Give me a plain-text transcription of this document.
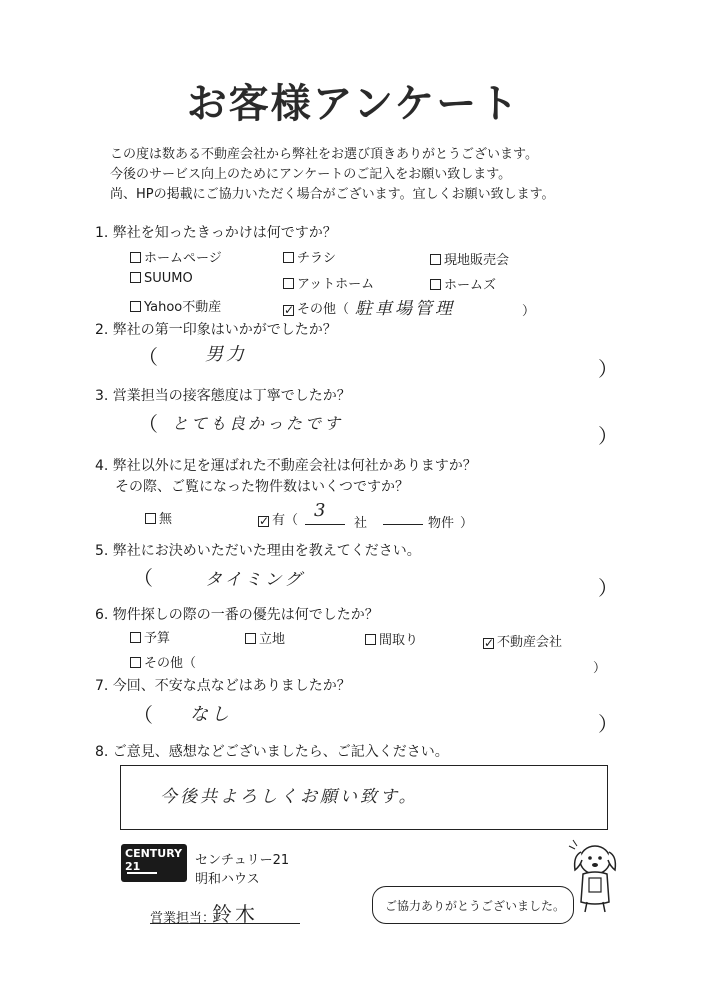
お客様アンケート
この度は数ある不動産会社から弊社をお選び頂きありがとうございます。
今後のサービス向上のためにアンケートのご記入をお願い致します。
尚、HPの掲載にご協力いただく場合がございます。宜しくお願い致します。
1. 弊社を知ったきっかけは何ですか？
ホームページ	チラシ	現地販売会
SUUMO	アットホーム	ホームズ
Yahoo不動産	✓ その他（ 駐車場管理	）
2. 弊社の第一印象はいかがでしたか？
（	男力
）
3. 営業担当の接客態度は丁寧でしたか？
（ とても良かったです
）
4. 弊社以外に足を運ばれた不動産会社は何社かありますか？
その際、ご覧になった物件数はいくつですか？
無	✓ 有（ 3
社	物件 ）
5. 弊社にお決めいただいた理由を教えてください。
（	タイミング	）
6. 物件探しの際の一番の優先は何でしたか？
予算	立地	間取り	✓ 不動産会社
その他（	）
7. 今回、不安な点などはありましたか？
（ なし	）
8. ご意見、感想などございましたら、ご記入ください。
今後共よろしくお願い致す。
CENTURY 21	センチュリー21
明和ハウス
営業担当：
鈴木	ご協力ありがとうございました。
